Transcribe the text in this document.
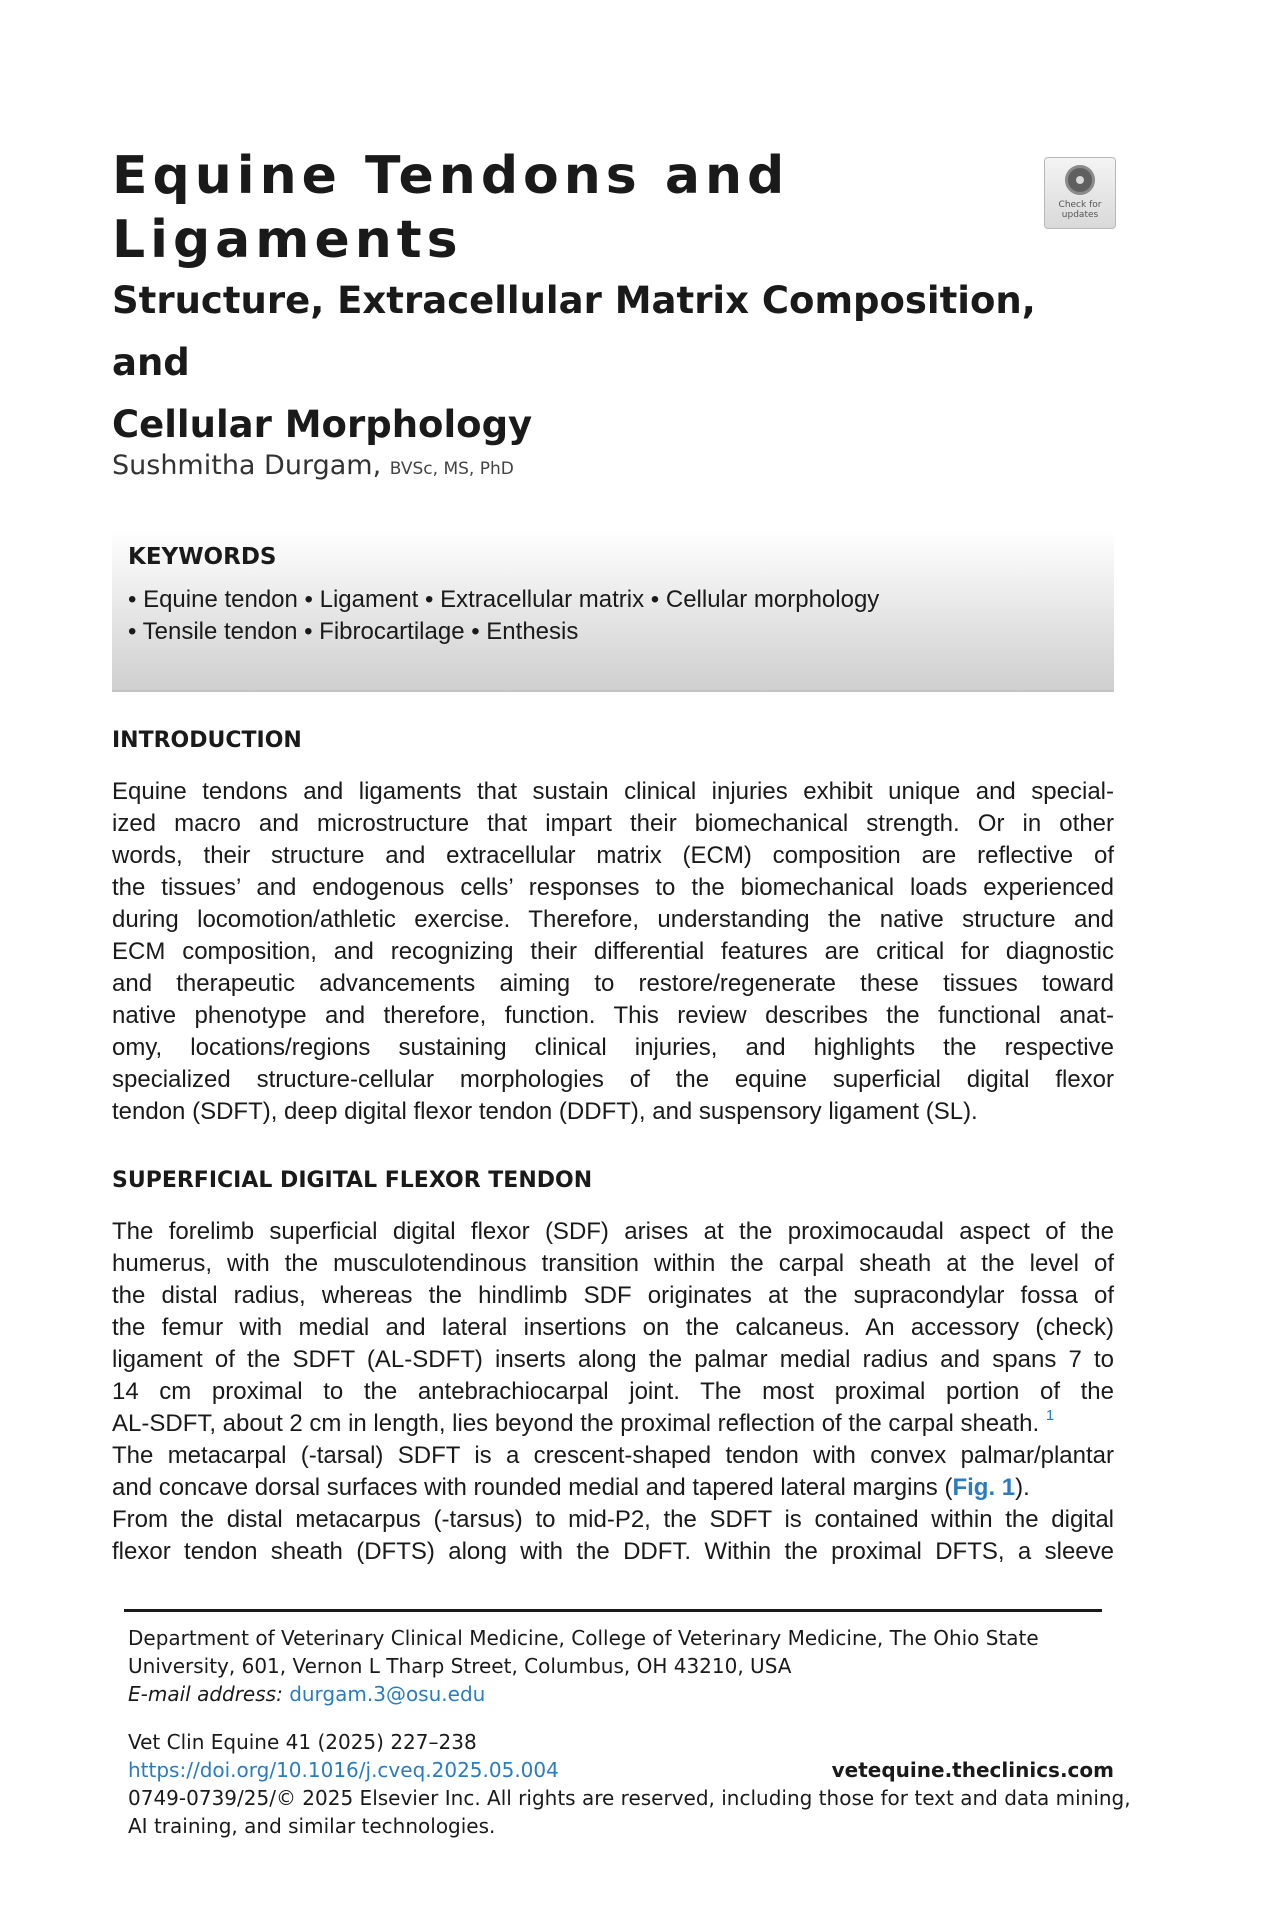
Equine Tendons and
Ligaments
Check for
updates
Structure, Extracellular Matrix Composition, and
Cellular Morphology
Sushmitha Durgam, BVSc, MS, PhD
KEYWORDS
• Equine tendon • Ligament • Extracellular matrix • Cellular morphology
• Tensile tendon • Fibrocartilage • Enthesis
INTRODUCTION
Equine tendons and ligaments that sustain clinical injuries exhibit unique and special-
ized macro and microstructure that impart their biomechanical strength. Or in other
words, their structure and extracellular matrix (ECM) composition are reflective of
the tissues’ and endogenous cells’ responses to the biomechanical loads experienced
during locomotion/athletic exercise. Therefore, understanding the native structure and
ECM composition, and recognizing their differential features are critical for diagnostic
and therapeutic advancements aiming to restore/regenerate these tissues toward
native phenotype and therefore, function. This review describes the functional anat-
omy, locations/regions sustaining clinical injuries, and highlights the respective
specialized structure-cellular morphologies of the equine superficial digital flexor
tendon (SDFT), deep digital flexor tendon (DDFT), and suspensory ligament (SL).
SUPERFICIAL DIGITAL FLEXOR TENDON
The forelimb superficial digital flexor (SDF) arises at the proximocaudal aspect of the
humerus, with the musculotendinous transition within the carpal sheath at the level of
the distal radius, whereas the hindlimb SDF originates at the supracondylar fossa of
the femur with medial and lateral insertions on the calcaneus. An accessory (check)
ligament of the SDFT (AL-SDFT) inserts along the palmar medial radius and spans 7 to
14 cm proximal to the antebrachiocarpal joint. The most proximal portion of the
AL-SDFT, about 2 cm in length, lies beyond the proximal reflection of the carpal sheath. $^1$
The metacarpal (-tarsal) SDFT is a crescent-shaped tendon with convex palmar/plantar
and concave dorsal surfaces with rounded medial and tapered lateral margins (Fig. 1).
From the distal metacarpus (-tarsus) to mid-P2, the SDFT is contained within the digital
flexor tendon sheath (DFTS) along with the DDFT. Within the proximal DFTS, a sleeve
Department of Veterinary Clinical Medicine, College of Veterinary Medicine, The Ohio State
University, 601, Vernon L Tharp Street, Columbus, OH 43210, USA
E-mail address: durgam.3@osu.edu
Vet Clin Equine 41 (2025) 227–238
https://doi.org/10.1016/j.cveq.2025.05.004	vetequine.theclinics.com
0749-0739/25/© 2025 Elsevier Inc. All rights are reserved, including those for text and data mining,
AI training, and similar technologies.
